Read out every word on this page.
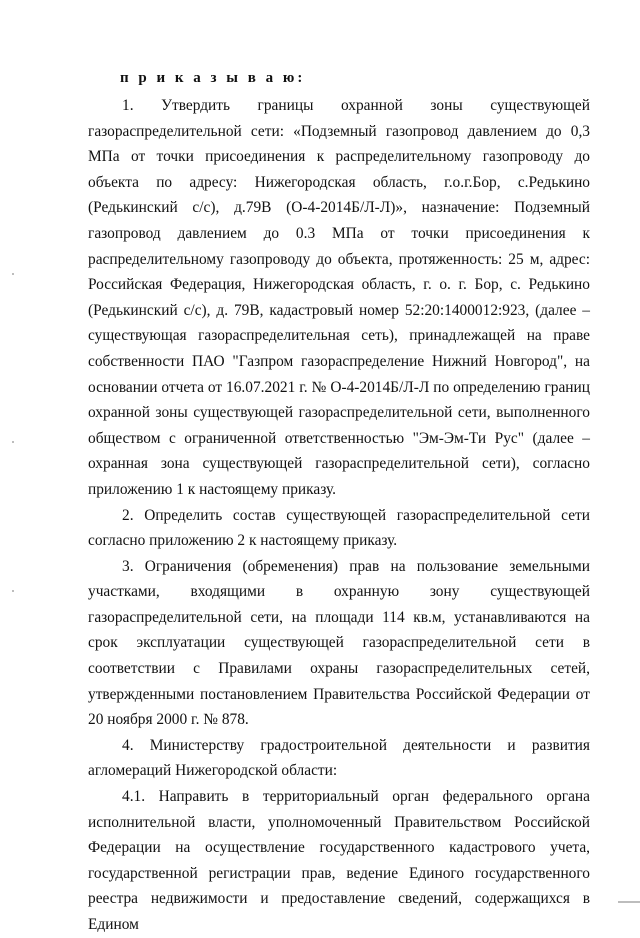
п р и к а з ы в а ю:

1. Утвердить границы охранной зоны существующей газораспределительной сети: «Подземный газопровод давлением до 0,3 МПа от точки присоединения к распределительному газопроводу до объекта по адресу: Нижегородская область, г.о.г.Бор, с.Редькино (Редькинский с/с), д.79В (О-4-2014Б/Л-Л)», назначение: Подземный газопровод давлением до 0.3 МПа от точки присоединения к распределительному газопроводу до объекта, протяженность: 25 м, адрес: Российская Федерация, Нижегородская область, г. о. г. Бор, с. Редькино (Редькинский с/с), д. 79В, кадастровый номер 52:20:1400012:923, (далее – существующая газораспределительная сеть), принадлежащей на праве собственности ПАО "Газпром газораспределение Нижний Новгород", на основании отчета от 16.07.2021 г. № О-4-2014Б/Л-Л по определению границ охранной зоны существующей газораспределительной сети, выполненного обществом с ограниченной ответственностью "Эм-Эм-Ти Рус" (далее – охранная зона существующей газораспределительной сети), согласно приложению 1 к настоящему приказу.

2. Определить состав существующей газораспределительной сети согласно приложению 2 к настоящему приказу.

3. Ограничения (обременения) прав на пользование земельными участками, входящими в охранную зону существующей газораспределительной сети, на площади 114 кв.м, устанавливаются на срок эксплуатации существующей газораспределительной сети в соответствии с Правилами охраны газораспределительных сетей, утвержденными постановлением Правительства Российской Федерации от 20 ноября 2000 г. № 878.

4. Министерству градостроительной деятельности и развития агломераций Нижегородской области:

4.1. Направить в территориальный орган федерального органа исполнительной власти, уполномоченный Правительством Российской Федерации на осуществление государственного кадастрового учета, государственной регистрации прав, ведение Единого государственного реестра недвижимости и предоставление сведений, содержащихся в Едином
